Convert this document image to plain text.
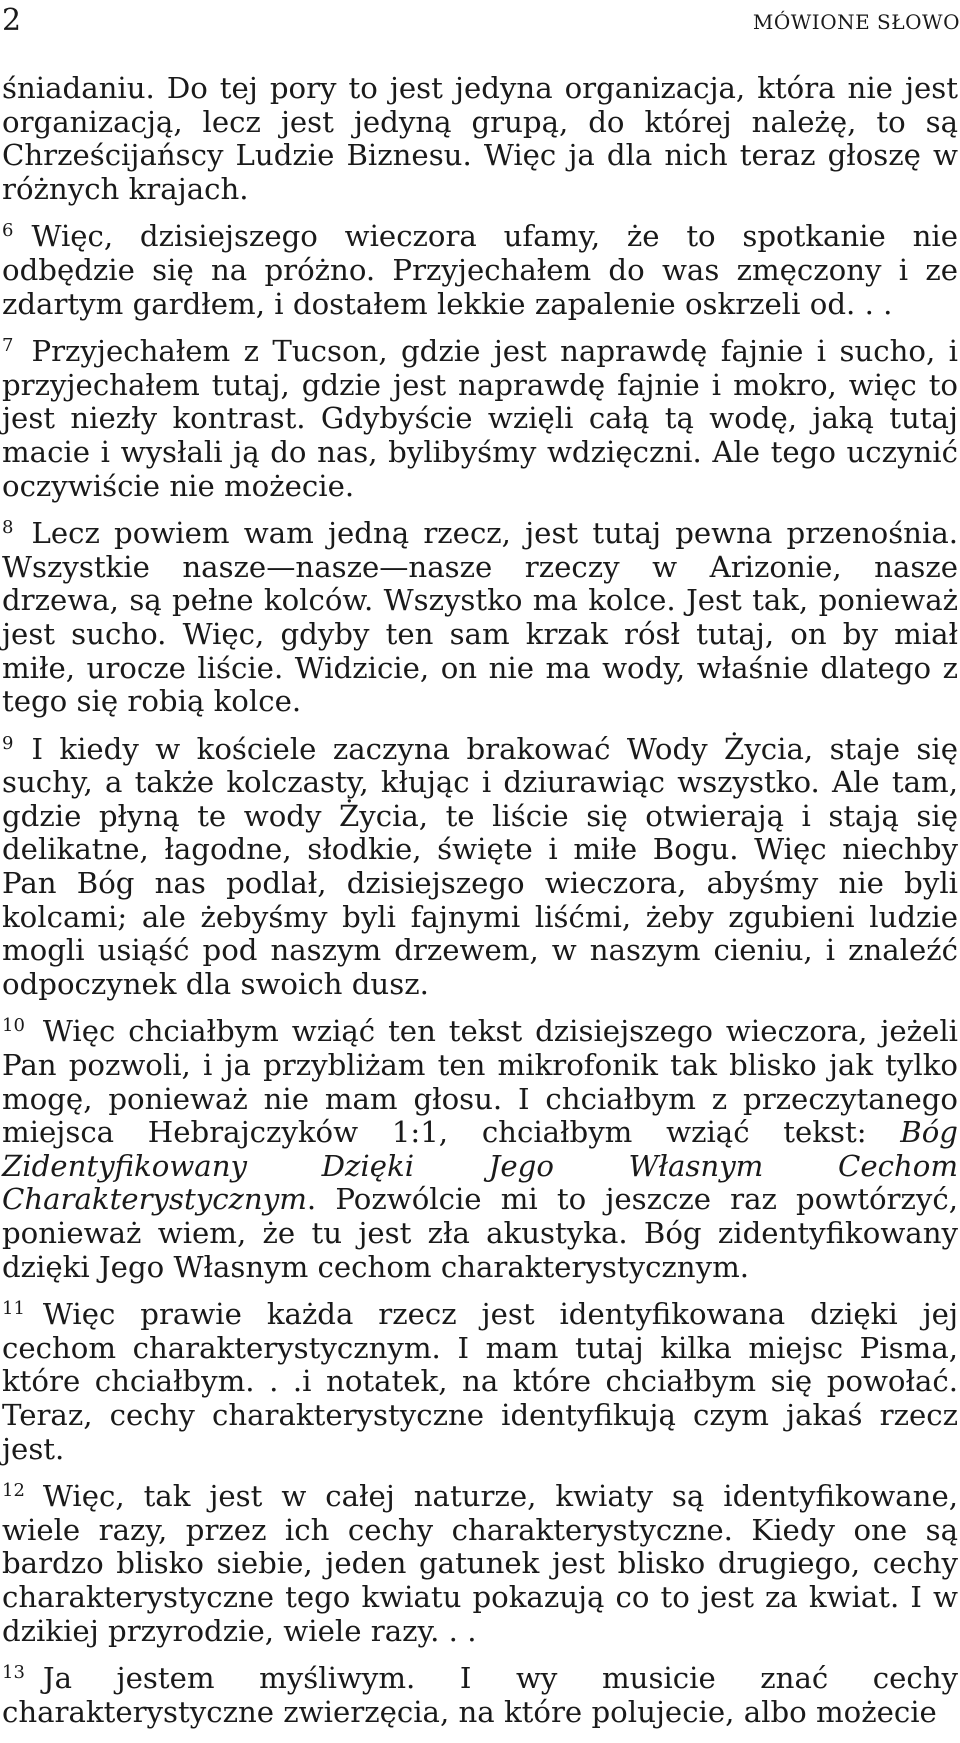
2	MÓWIONE SŁOWO

śniadaniu. Do tej pory to jest jedyna organizacja, która nie jest organizacją, lecz jest jedyną grupą, do której należę, to są Chrześcijańscy Ludzie Biznesu. Więc ja dla nich teraz głoszę w różnych krajach.

$^6$ Więc, dzisiejszego wieczora ufamy, że to spotkanie nie odbędzie się na próżno. Przyjechałem do was zmęczony i ze zdartym gardłem, i dostałem lekkie zapalenie oskrzeli od. . .

$^7$ Przyjechałem z Tucson, gdzie jest naprawdę fajnie i sucho, i przyjechałem tutaj, gdzie jest naprawdę fajnie i mokro, więc to jest niezły kontrast. Gdybyście wzięli całą tą wodę, jaką tutaj macie i wysłali ją do nas, bylibyśmy wdzięczni. Ale tego uczynić oczywiście nie możecie.

$^8$ Lecz powiem wam jedną rzecz, jest tutaj pewna przenośnia. Wszystkie nasze—nasze—nasze rzeczy w Arizonie, nasze drzewa, są pełne kolców. Wszystko ma kolce. Jest tak, ponieważ jest sucho. Więc, gdyby ten sam krzak rósł tutaj, on by miał miłe, urocze liście. Widzicie, on nie ma wody, właśnie dlatego z tego się robią kolce.

$^9$ I kiedy w kościele zaczyna brakować Wody Życia, staje się suchy, a także kolczasty, kłując i dziurawiąc wszystko. Ale tam, gdzie płyną te wody Życia, te liście się otwierają i stają się delikatne, łagodne, słodkie, święte i miłe Bogu. Więc niechby Pan Bóg nas podlał, dzisiejszego wieczora, abyśmy nie byli kolcami; ale żebyśmy byli fajnymi liśćmi, żeby zgubieni ludzie mogli usiąść pod naszym drzewem, w naszym cieniu, i znaleźć odpoczynek dla swoich dusz.

$^{10}$ Więc chciałbym wziąć ten tekst dzisiejszego wieczora, jeżeli Pan pozwoli, i ja przybliżam ten mikrofonik tak blisko jak tylko mogę, ponieważ nie mam głosu. I chciałbym z przeczytanego miejsca Hebrajczyków 1:1, chciałbym wziąć tekst: Bóg Zidentyfikowany Dzięki Jego Własnym Cechom Charakterystycznym. Pozwólcie mi to jeszcze raz powtórzyć, ponieważ wiem, że tu jest zła akustyka. Bóg zidentyfikowany dzięki Jego Własnym cechom charakterystycznym.

$^{11}$ Więc prawie każda rzecz jest identyfikowana dzięki jej cechom charakterystycznym. I mam tutaj kilka miejsc Pisma, które chciałbym. . .i notatek, na które chciałbym się powołać. Teraz, cechy charakterystyczne identyfikują czym jakaś rzecz jest.

$^{12}$ Więc, tak jest w całej naturze, kwiaty są identyfikowane, wiele razy, przez ich cechy charakterystyczne. Kiedy one są bardzo blisko siebie, jeden gatunek jest blisko drugiego, cechy charakterystyczne tego kwiatu pokazują co to jest za kwiat. I w dzikiej przyrodzie, wiele razy. . .

$^{13}$ Ja jestem myśliwym. I wy musicie znać cechy charakterystyczne zwierzęcia, na które polujecie, albo możecie
